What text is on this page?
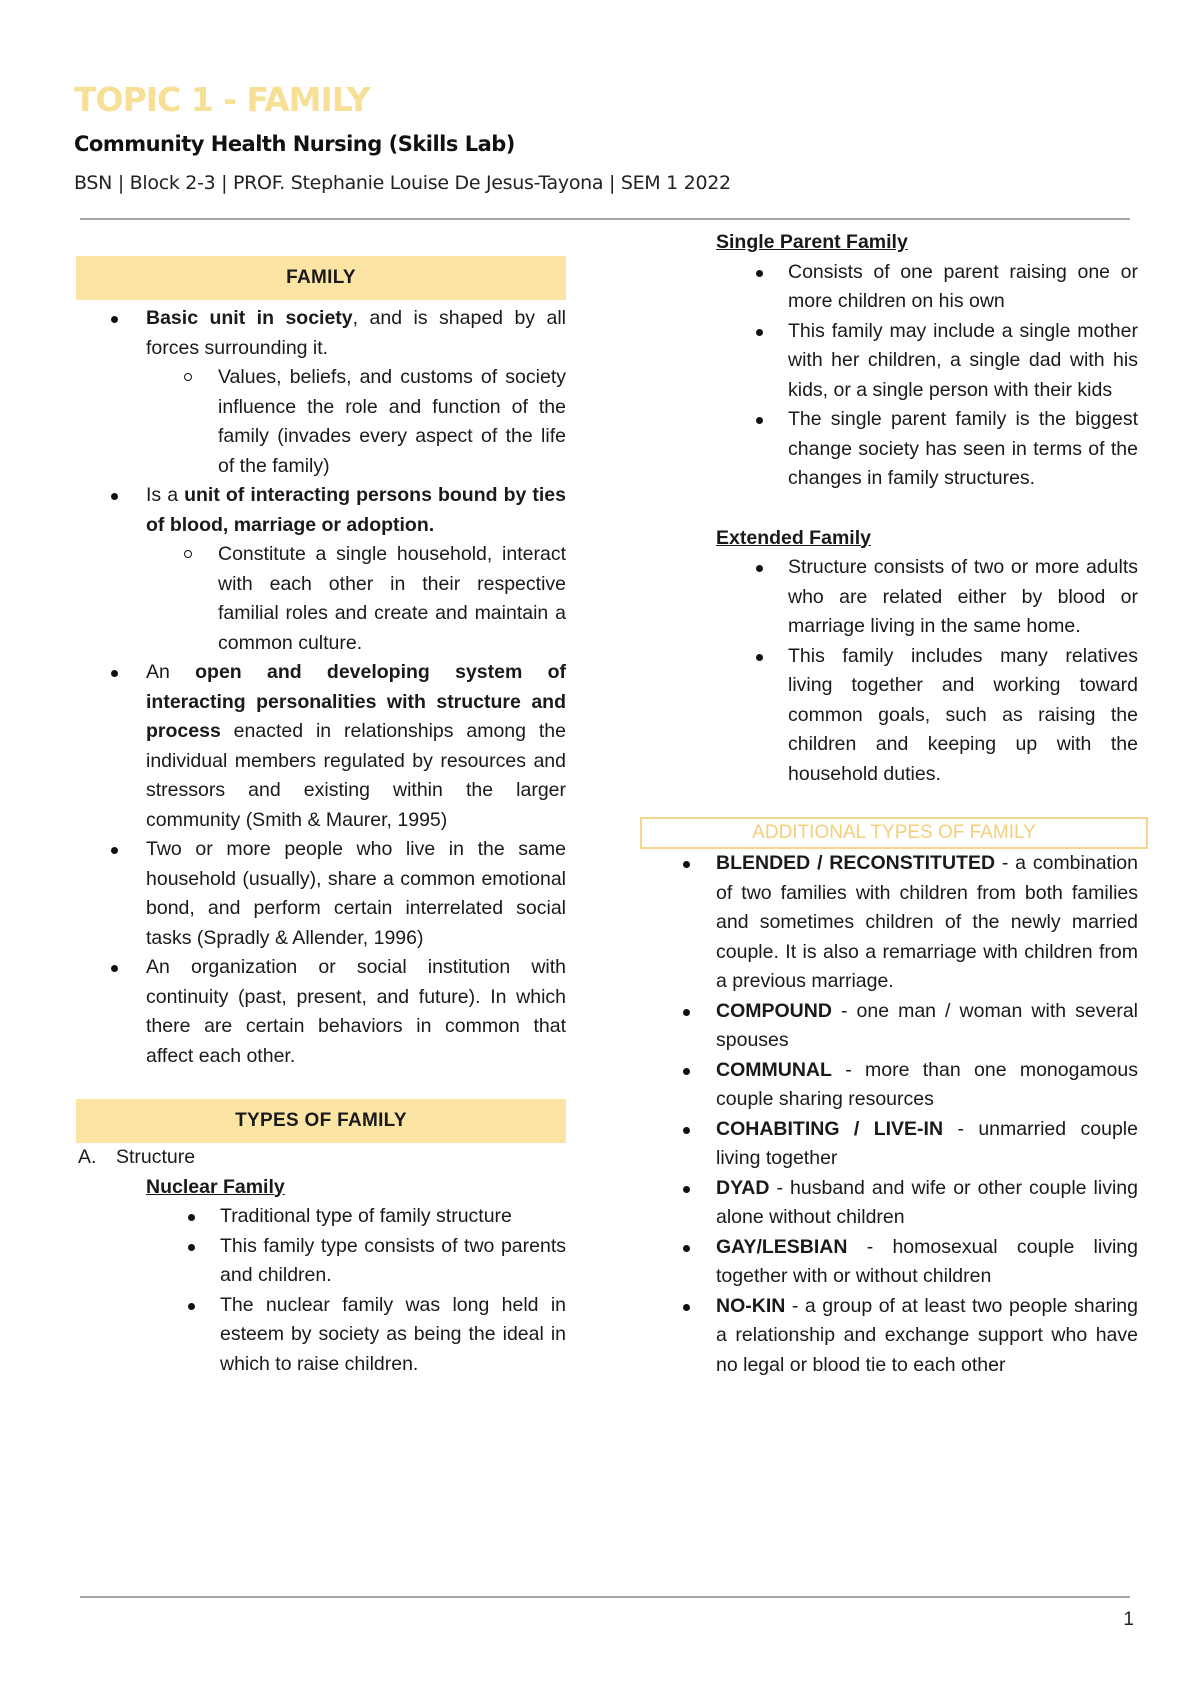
TOPIC 1 - FAMILY
Community Health Nursing (Skills Lab)

BSN | Block 2-3 | PROF. Stephanie Louise De Jesus-Tayona | SEM 1 2022

FAMILY
Basic unit in society, and is shaped by all forces surrounding it.
Values, beliefs, and customs of society influence the role and function of the family (invades every aspect of the life of the family)
Is a unit of interacting persons bound by ties of blood, marriage or adoption.
Constitute a single household, interact with each other in their respective familial roles and create and maintain a common culture.
An open and developing system of interacting personalities with structure and process enacted in relationships among the individual members regulated by resources and stressors and existing within the larger community (Smith & Maurer, 1995)
Two or more people who live in the same household (usually), share a common emotional bond, and perform certain interrelated social tasks (Spradly & Allender, 1996)
An organization or social institution with continuity (past, present, and future). In which there are certain behaviors in common that affect each other.
TYPES OF FAMILY
A. Structure
Nuclear Family
Traditional type of family structure
This family type consists of two parents and children.
The nuclear family was long held in esteem by society as being the ideal in which to raise children.
Single Parent Family
Consists of one parent raising one or more children on his own
This family may include a single mother with her children, a single dad with his kids, or a single person with their kids
The single parent family is the biggest change society has seen in terms of the changes in family structures.
Extended Family
Structure consists of two or more adults who are related either by blood or marriage living in the same home.
This family includes many relatives living together and working toward common goals, such as raising the children and keeping up with the household duties.
ADDITIONAL TYPES OF FAMILY
BLENDED / RECONSTITUTED - a combination of two families with children from both families and sometimes children of the newly married couple. It is also a remarriage with children from a previous marriage.
COMPOUND - one man / woman with several spouses
COMMUNAL - more than one monogamous couple sharing resources
COHABITING / LIVE-IN - unmarried couple living together
DYAD - husband and wife or other couple living alone without children
GAY/LESBIAN - homosexual couple living together with or without children
NO-KIN - a group of at least two people sharing a relationship and exchange support who have no legal or blood tie to each other
1
